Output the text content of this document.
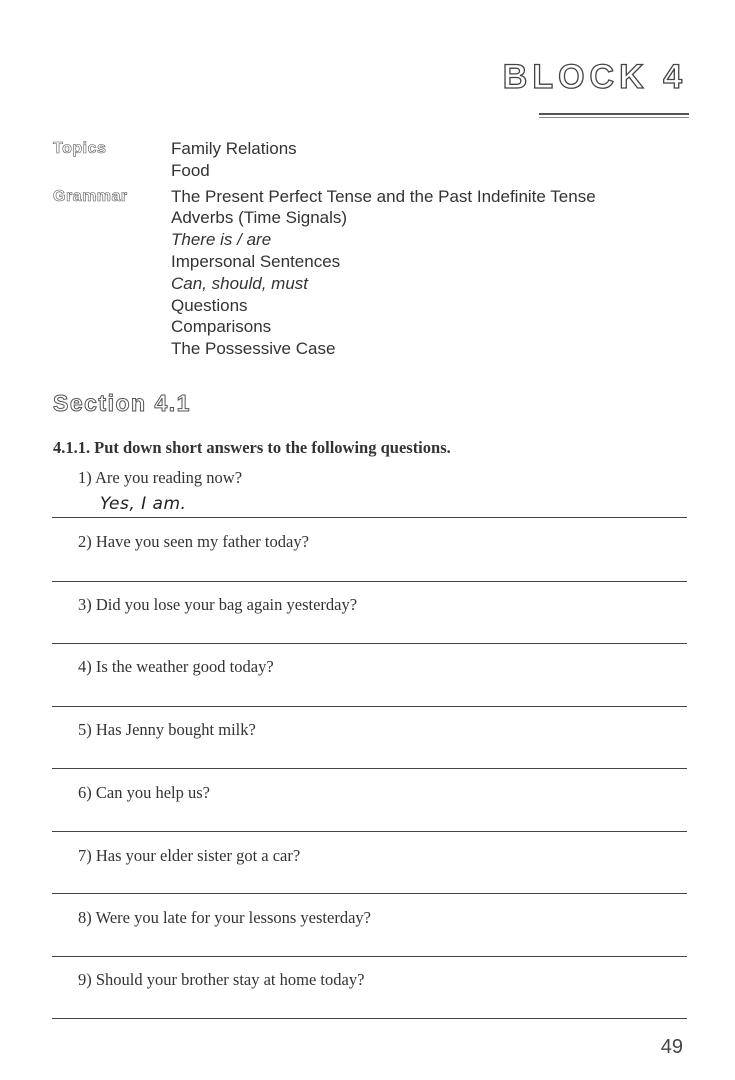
BLOCK 4
Topics	Family Relations
Food
Grammar	The Present Perfect Tense and the Past Indefinite Tense
Adverbs (Time Signals)
There is / are
Impersonal Sentences
Can, should, must
Questions
Comparisons
The Possessive Case
Section 4.1
4.1.1. Put down short answers to the following questions.
1) Are you reading now?
Yes, I am.
2) Have you seen my father today?
3) Did you lose your bag again yesterday?
4) Is the weather good today?
5) Has Jenny bought milk?
6) Can you help us?
7) Has your elder sister got a car?
8) Were you late for your lessons yesterday?
9) Should your brother stay at home today?
49
